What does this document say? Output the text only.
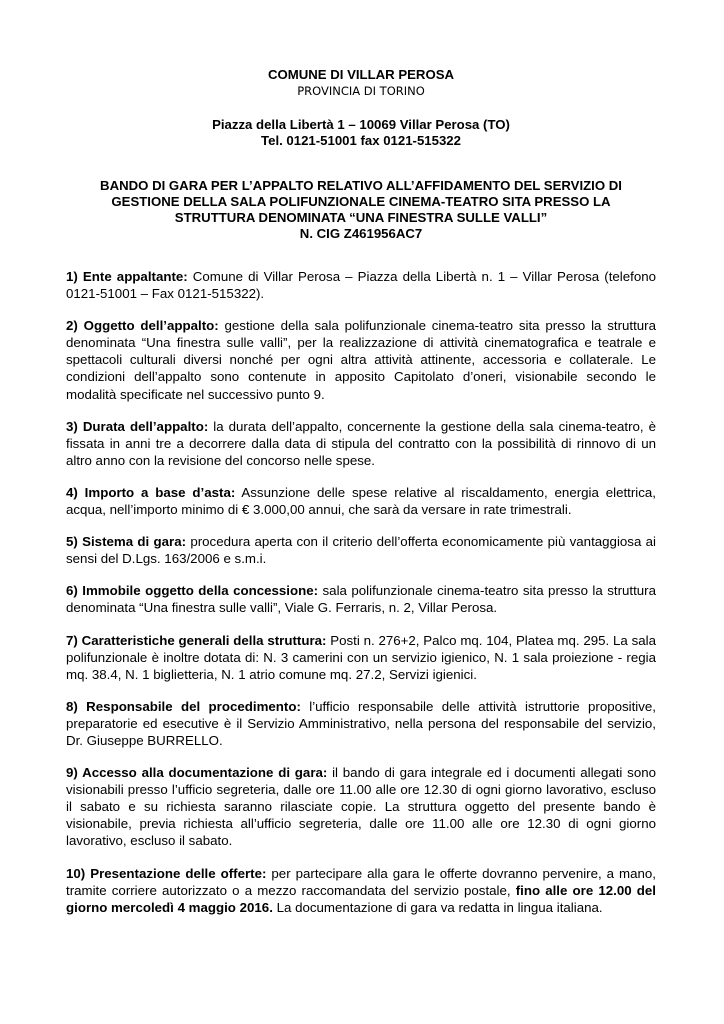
COMUNE DI VILLAR PEROSA
PROVINCIA DI TORINO
Piazza della Libertà 1 – 10069 Villar Perosa (TO)
Tel. 0121-51001 fax 0121-515322
BANDO DI GARA PER L’APPALTO RELATIVO ALL’AFFIDAMENTO DEL SERVIZIO DI
GESTIONE DELLA SALA POLIFUNZIONALE CINEMA-TEATRO SITA PRESSO LA
STRUTTURA DENOMINATA “UNA FINESTRA SULLE VALLI”
N. CIG Z461956AC7

1) Ente appaltante: Comune di Villar Perosa – Piazza della Libertà n. 1 – Villar Perosa (telefono 0121-51001 – Fax 0121-515322).

2) Oggetto dell’appalto: gestione della sala polifunzionale cinema-teatro sita presso la struttura denominata “Una finestra sulle valli”, per la realizzazione di attività cinematografica e teatrale e spettacoli culturali diversi nonché per ogni altra attività attinente, accessoria e collaterale. Le condizioni dell’appalto sono contenute in apposito Capitolato d’oneri, visionabile secondo le modalità specificate nel successivo punto 9.

3) Durata dell’appalto: la durata dell’appalto, concernente la gestione della sala cinema-teatro, è fissata in anni tre a decorrere dalla data di stipula del contratto con la possibilità di rinnovo di un altro anno con la revisione del concorso nelle spese.

4) Importo a base d’asta: Assunzione delle spese relative al riscaldamento, energia elettrica, acqua, nell’importo minimo di € 3.000,00 annui, che sarà da versare in rate trimestrali.

5) Sistema di gara: procedura aperta con il criterio dell’offerta economicamente più vantaggiosa ai sensi del D.Lgs. 163/2006 e s.m.i.

6) Immobile oggetto della concessione: sala polifunzionale cinema-teatro sita presso la struttura denominata “Una finestra sulle valli”, Viale G. Ferraris, n. 2, Villar Perosa.

7) Caratteristiche generali della struttura: Posti n. 276+2, Palco mq. 104, Platea mq. 295. La sala polifunzionale è inoltre dotata di: N. 3 camerini con un servizio igienico, N. 1 sala proiezione - regia mq. 38.4, N. 1 biglietteria, N. 1 atrio comune mq. 27.2, Servizi igienici.

8) Responsabile del procedimento: l’ufficio responsabile delle attività istruttorie propositive, preparatorie ed esecutive è il Servizio Amministrativo, nella persona del responsabile del servizio, Dr. Giuseppe BURRELLO.

9) Accesso alla documentazione di gara: il bando di gara integrale ed i documenti allegati sono visionabili presso l’ufficio segreteria, dalle ore 11.00 alle ore 12.30 di ogni giorno lavorativo, escluso il sabato e su richiesta saranno rilasciate copie. La struttura oggetto del presente bando è visionabile, previa richiesta all’ufficio segreteria, dalle ore 11.00 alle ore 12.30 di ogni giorno lavorativo, escluso il sabato.

10) Presentazione delle offerte: per partecipare alla gara le offerte dovranno pervenire, a mano, tramite corriere autorizzato o a mezzo raccomandata del servizio postale, fino alle ore 12.00 del giorno mercoledì 4 maggio 2016. La documentazione di gara va redatta in lingua italiana.
